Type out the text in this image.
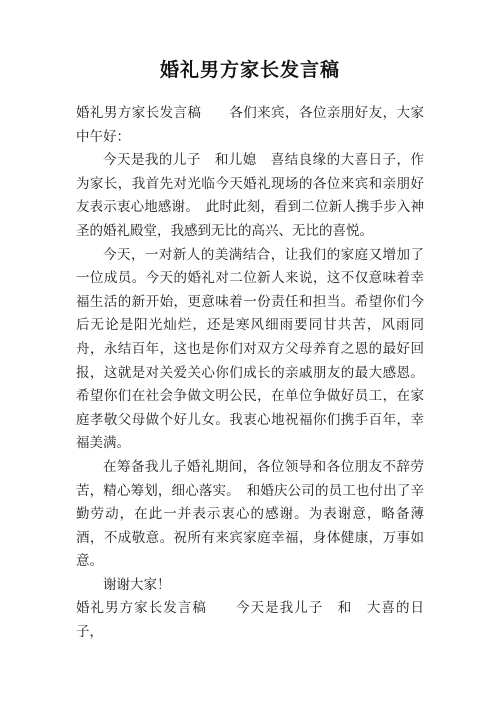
婚礼男方家长发言稿

婚礼男方家长发言稿　　各们来宾，各位亲朋好友，大家中午好：

今天是我的儿子　和儿媳　喜结良缘的大喜日子，作为家长，我首先对光临今天婚礼现场的各位来宾和亲朋好友表示衷心地感谢。　此时此刻，看到二位新人携手步入神圣的婚礼殿堂，我感到无比的高兴、无比的喜悦。

今天，一对新人的美满结合，让我们的家庭又增加了一位成员。今天的婚礼对二位新人来说，这不仅意味着幸福生活的新开始，更意味着一份责任和担当。希望你们今后无论是阳光灿烂，还是寒风细雨要同甘共苦，风雨同舟，永结百年，这也是你们对双方父母养育之恩的最好回报，这就是对关爱关心你们成长的亲戚朋友的最大感恩。希望你们在社会争做文明公民，在单位争做好员工，在家庭孝敬父母做个好儿女。我衷心地祝福你们携手百年，幸福美满。

在筹备我儿子婚礼期间，各位领导和各位朋友不辞劳苦，精心筹划，细心落实。　和婚庆公司的员工也付出了辛勤劳动，在此一并表示衷心的感谢。为表谢意，略备薄酒，不成敬意。祝所有来宾家庭幸福，身体健康，万事如意。

谢谢大家！

婚礼男方家长发言稿　　今天是我儿子　和　大喜的日子，
